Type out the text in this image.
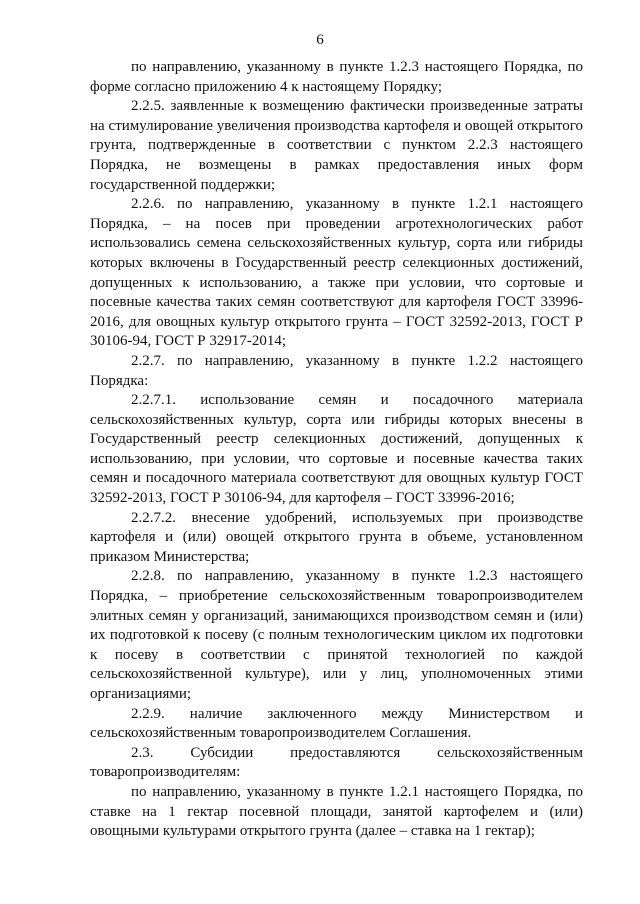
6

по направлению, указанному в пункте 1.2.3 настоящего Порядка, по форме согласно приложению 4 к настоящему Порядку;

2.2.5. заявленные к возмещению фактически произведенные затраты на стимулирование увеличения производства картофеля и овощей открытого грунта, подтвержденные в соответствии с пунктом 2.2.3 настоящего Порядка, не возмещены в рамках предоставления иных форм государственной поддержки;

2.2.6. по направлению, указанному в пункте 1.2.1 настоящего Порядка, – на посев при проведении агротехнологических работ использовались семена сельскохозяйственных культур, сорта или гибриды которых включены в Государственный реестр селекционных достижений, допущенных к использованию, а также при условии, что сортовые и посевные качества таких семян соответствуют для картофеля ГОСТ 33996-2016, для овощных культур открытого грунта – ГОСТ 32592-2013, ГОСТ Р 30106-94, ГОСТ Р 32917-2014;

2.2.7. по направлению, указанному в пункте 1.2.2 настоящего Порядка:

2.2.7.1. использование семян и посадочного материала сельскохозяйственных культур, сорта или гибриды которых внесены в Государственный реестр селекционных достижений, допущенных к использованию, при условии, что сортовые и посевные качества таких семян и посадочного материала соответствуют для овощных культур ГОСТ 32592-2013, ГОСТ Р 30106-94, для картофеля – ГОСТ 33996-2016;

2.2.7.2. внесение удобрений, используемых при производстве картофеля и (или) овощей открытого грунта в объеме, установленном приказом Министерства;

2.2.8. по направлению, указанному в пункте 1.2.3 настоящего Порядка, – приобретение сельскохозяйственным товаропроизводителем элитных семян у организаций, занимающихся производством семян и (или) их подготовкой к посеву (с полным технологическим циклом их подготовки к посеву в соответствии с принятой технологией по каждой сельскохозяйственной культуре), или у лиц, уполномоченных этими организациями;

2.2.9. наличие заключенного между Министерством и сельскохозяйственным товаропроизводителем Соглашения.

2.3. Субсидии предоставляются сельскохозяйственным товаропроизводителям:

по направлению, указанному в пункте 1.2.1 настоящего Порядка, по ставке на 1 гектар посевной площади, занятой картофелем и (или) овощными культурами открытого грунта (далее – ставка на 1 гектар);
